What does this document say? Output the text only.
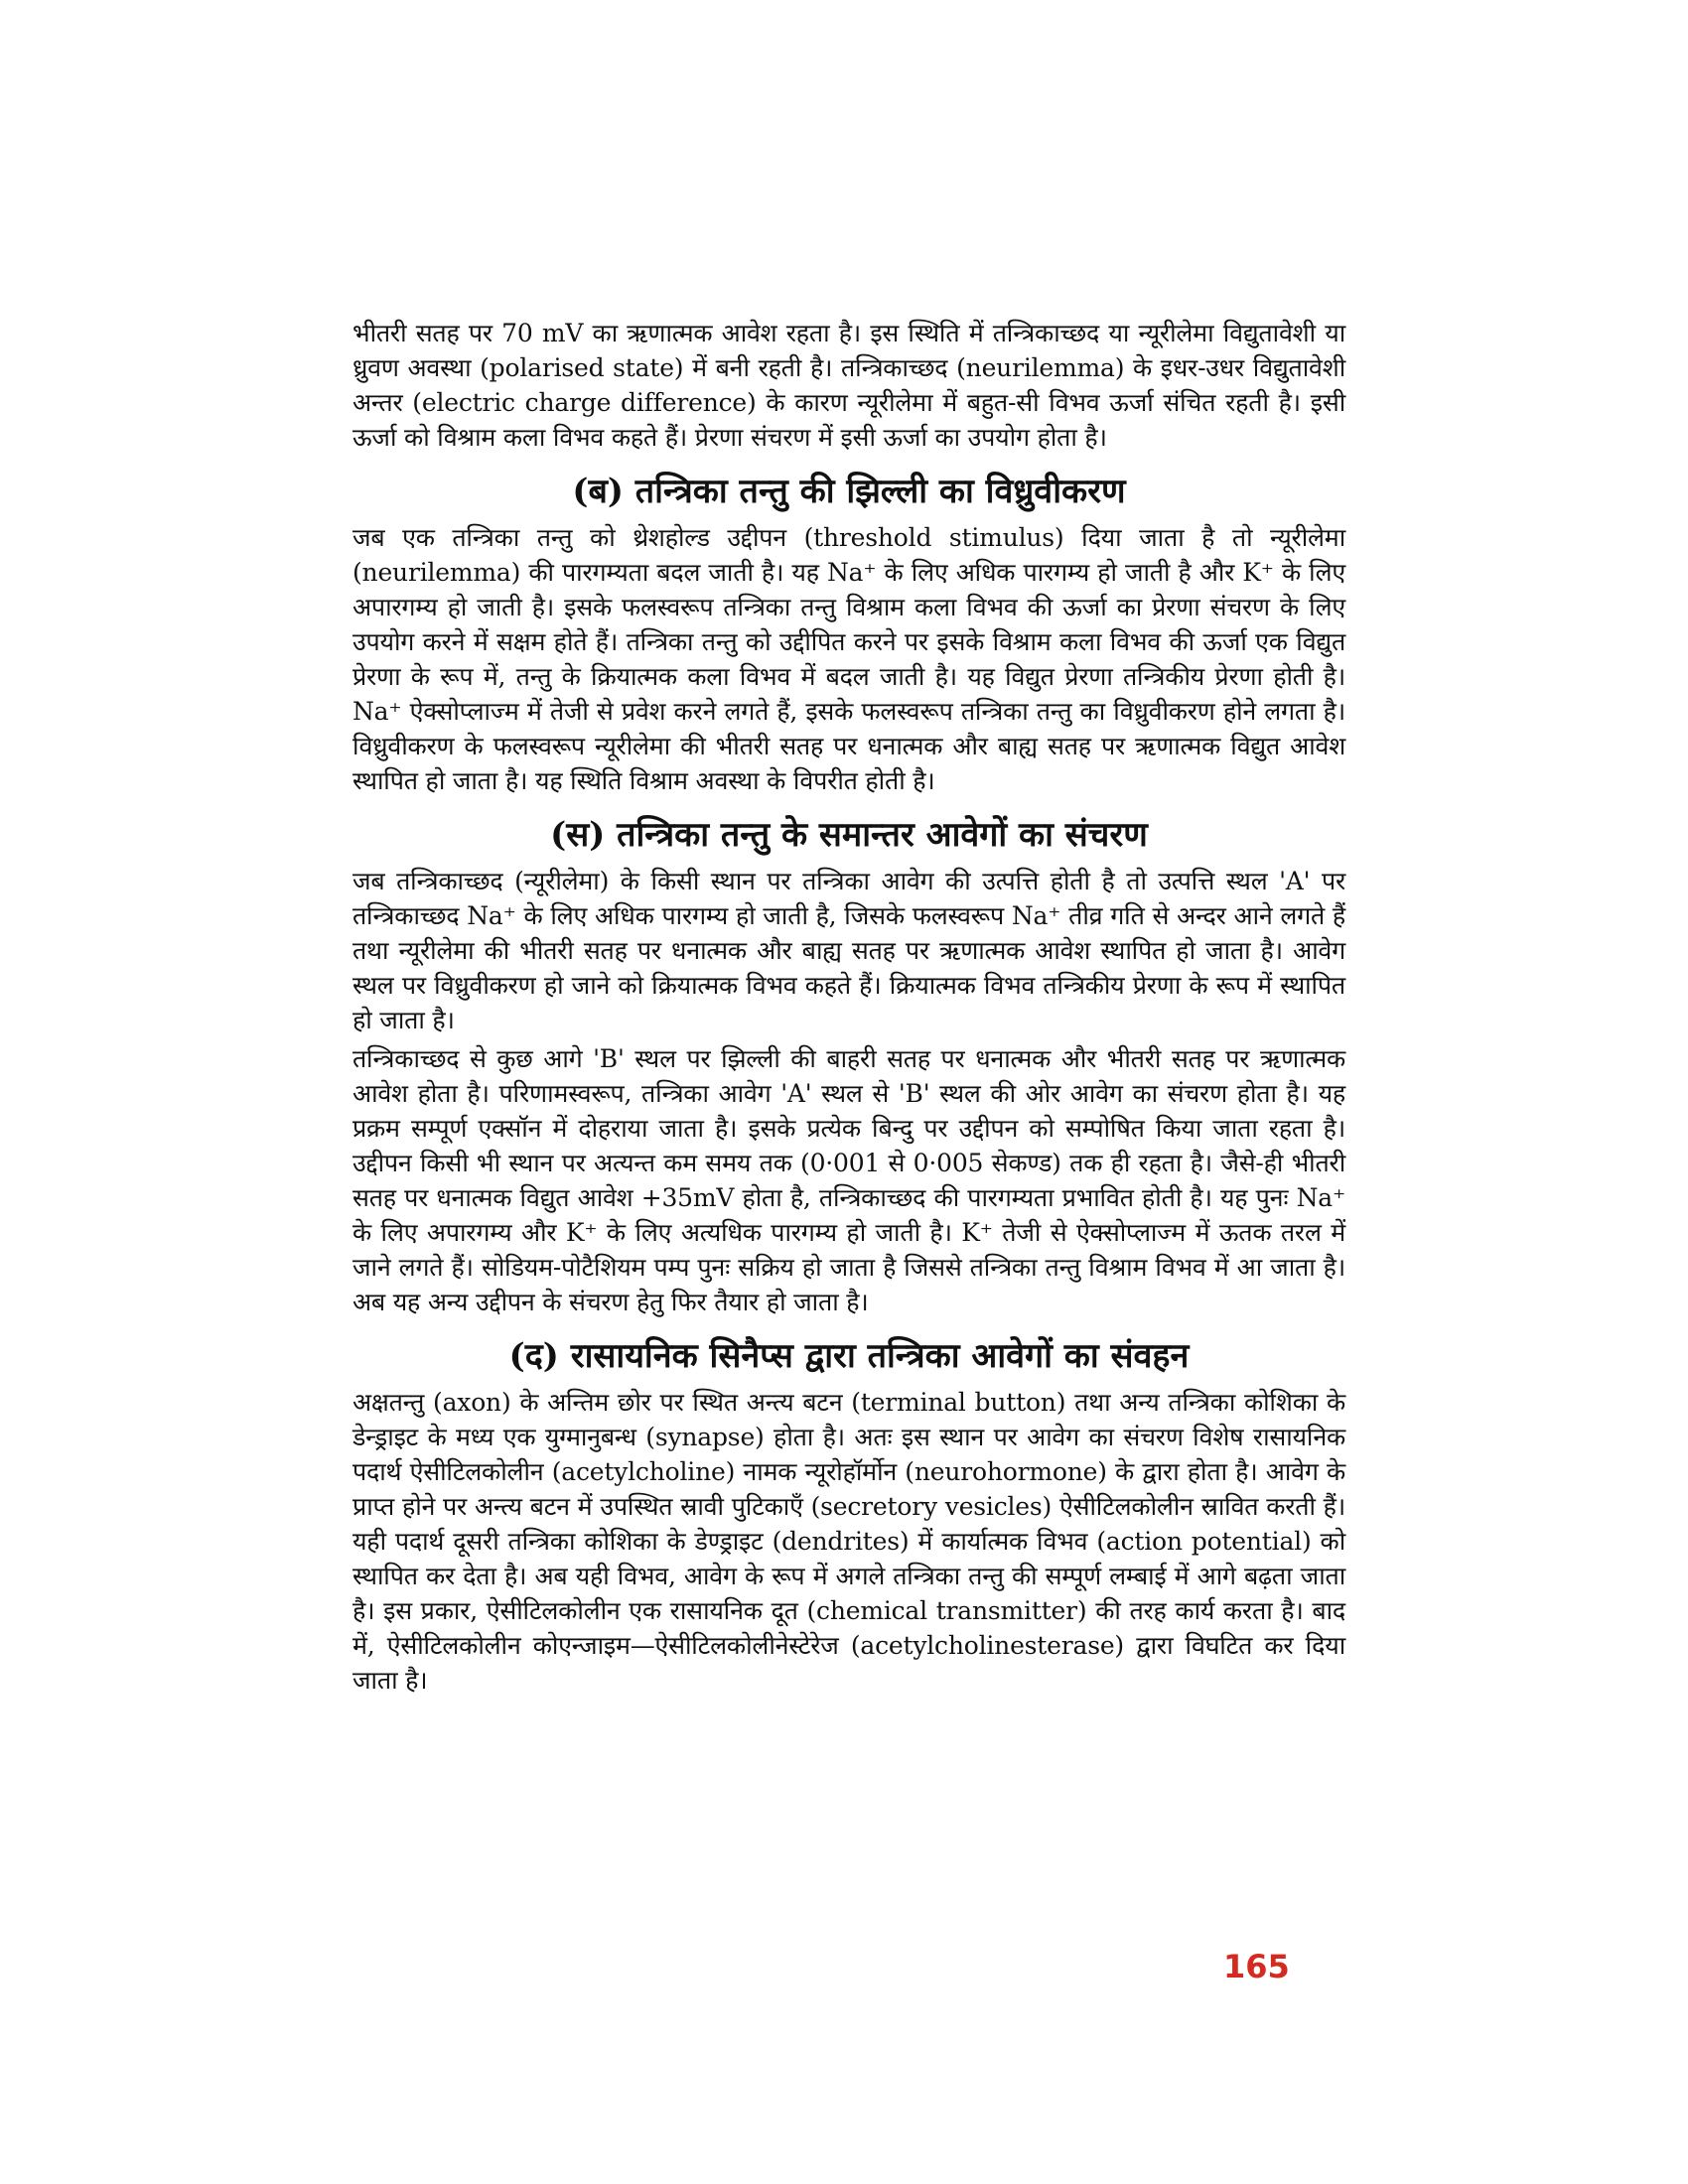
भीतरी सतह पर 70 mV का ऋणात्मक आवेश रहता है। इस स्थिति में तन्त्रिकाच्छद या न्यूरीलेमा विद्युतावेशी या ध्रुवण अवस्था (polarised state) में बनी रहती है। तन्त्रिकाच्छद (neurilemma) के इधर-उधर विद्युतावेशी अन्तर (electric charge difference) के कारण न्यूरीलेमा में बहुत-सी विभव ऊर्जा संचित रहती है। इसी ऊर्जा को विश्राम कला विभव कहते हैं। प्रेरणा संचरण में इसी ऊर्जा का उपयोग होता है।

(ब) तन्त्रिका तन्तु की झिल्ली का विध्रुवीकरण

जब एक तन्त्रिका तन्तु को थ्रेशहोल्ड उद्दीपन (threshold stimulus) दिया जाता है तो न्यूरीलेमा (neurilemma) की पारगम्यता बदल जाती है। यह Na⁺ के लिए अधिक पारगम्य हो जाती है और K⁺ के लिए अपारगम्य हो जाती है। इसके फलस्वरूप तन्त्रिका तन्तु विश्राम कला विभव की ऊर्जा का प्रेरणा संचरण के लिए उपयोग करने में सक्षम होते हैं। तन्त्रिका तन्तु को उद्दीपित करने पर इसके विश्राम कला विभव की ऊर्जा एक विद्युत प्रेरणा के रूप में, तन्तु के क्रियात्मक कला विभव में बदल जाती है। यह विद्युत प्रेरणा तन्त्रिकीय प्रेरणा होती है। Na⁺ ऐक्सोप्लाज्म में तेजी से प्रवेश करने लगते हैं, इसके फलस्वरूप तन्त्रिका तन्तु का विध्रुवीकरण होने लगता है। विध्रुवीकरण के फलस्वरूप न्यूरीलेमा की भीतरी सतह पर धनात्मक और बाह्य सतह पर ऋणात्मक विद्युत आवेश स्थापित हो जाता है। यह स्थिति विश्राम अवस्था के विपरीत होती है।

(स) तन्त्रिका तन्तु के समान्तर आवेगों का संचरण

जब तन्त्रिकाच्छद (न्यूरीलेमा) के किसी स्थान पर तन्त्रिका आवेग की उत्पत्ति होती है तो उत्पत्ति स्थल 'A' पर तन्त्रिकाच्छद Na⁺ के लिए अधिक पारगम्य हो जाती है, जिसके फलस्वरूप Na⁺ तीव्र गति से अन्दर आने लगते हैं तथा न्यूरीलेमा की भीतरी सतह पर धनात्मक और बाह्य सतह पर ऋणात्मक आवेश स्थापित हो जाता है। आवेग स्थल पर विध्रुवीकरण हो जाने को क्रियात्मक विभव कहते हैं। क्रियात्मक विभव तन्त्रिकीय प्रेरणा के रूप में स्थापित हो जाता है।

तन्त्रिकाच्छद से कुछ आगे 'B' स्थल पर झिल्ली की बाहरी सतह पर धनात्मक और भीतरी सतह पर ऋणात्मक आवेश होता है। परिणामस्वरूप, तन्त्रिका आवेग 'A' स्थल से 'B' स्थल की ओर आवेग का संचरण होता है। यह प्रक्रम सम्पूर्ण एक्सॉन में दोहराया जाता है। इसके प्रत्येक बिन्दु पर उद्दीपन को सम्पोषित किया जाता रहता है। उद्दीपन किसी भी स्थान पर अत्यन्त कम समय तक (0·001 से 0·005 सेकण्ड) तक ही रहता है। जैसे-ही भीतरी सतह पर धनात्मक विद्युत आवेश +35mV होता है, तन्त्रिकाच्छद की पारगम्यता प्रभावित होती है। यह पुनः Na⁺ के लिए अपारगम्य और K⁺ के लिए अत्यधिक पारगम्य हो जाती है। K⁺ तेजी से ऐक्सोप्लाज्म में ऊतक तरल में जाने लगते हैं। सोडियम-पोटैशियम पम्प पुनः सक्रिय हो जाता है जिससे तन्त्रिका तन्तु विश्राम विभव में आ जाता है। अब यह अन्य उद्दीपन के संचरण हेतु फिर तैयार हो जाता है।

(द) रासायनिक सिनैप्स द्वारा तन्त्रिका आवेगों का संवहन

अक्षतन्तु (axon) के अन्तिम छोर पर स्थित अन्त्य बटन (terminal button) तथा अन्य तन्त्रिका कोशिका के डेन्ड्राइट के मध्य एक युग्मानुबन्ध (synapse) होता है। अतः इस स्थान पर आवेग का संचरण विशेष रासायनिक पदार्थ ऐसीटिलकोलीन (acetylcholine) नामक न्यूरोहॉर्मोन (neurohormone) के द्वारा होता है। आवेग के प्राप्त होने पर अन्त्य बटन में उपस्थित स्रावी पुटिकाएँ (secretory vesicles) ऐसीटिलकोलीन स्रावित करती हैं। यही पदार्थ दूसरी तन्त्रिका कोशिका के डेण्ड्राइट (dendrites) में कार्यात्मक विभव (action potential) को स्थापित कर देता है। अब यही विभव, आवेग के रूप में अगले तन्त्रिका तन्तु की सम्पूर्ण लम्बाई में आगे बढ़ता जाता है। इस प्रकार, ऐसीटिलकोलीन एक रासायनिक दूत (chemical transmitter) की तरह कार्य करता है। बाद में, ऐसीटिलकोलीन कोएन्जाइम—ऐसीटिलकोलीनेस्टेरेज (acetylcholinesterase) द्वारा विघटित कर दिया जाता है।

165
